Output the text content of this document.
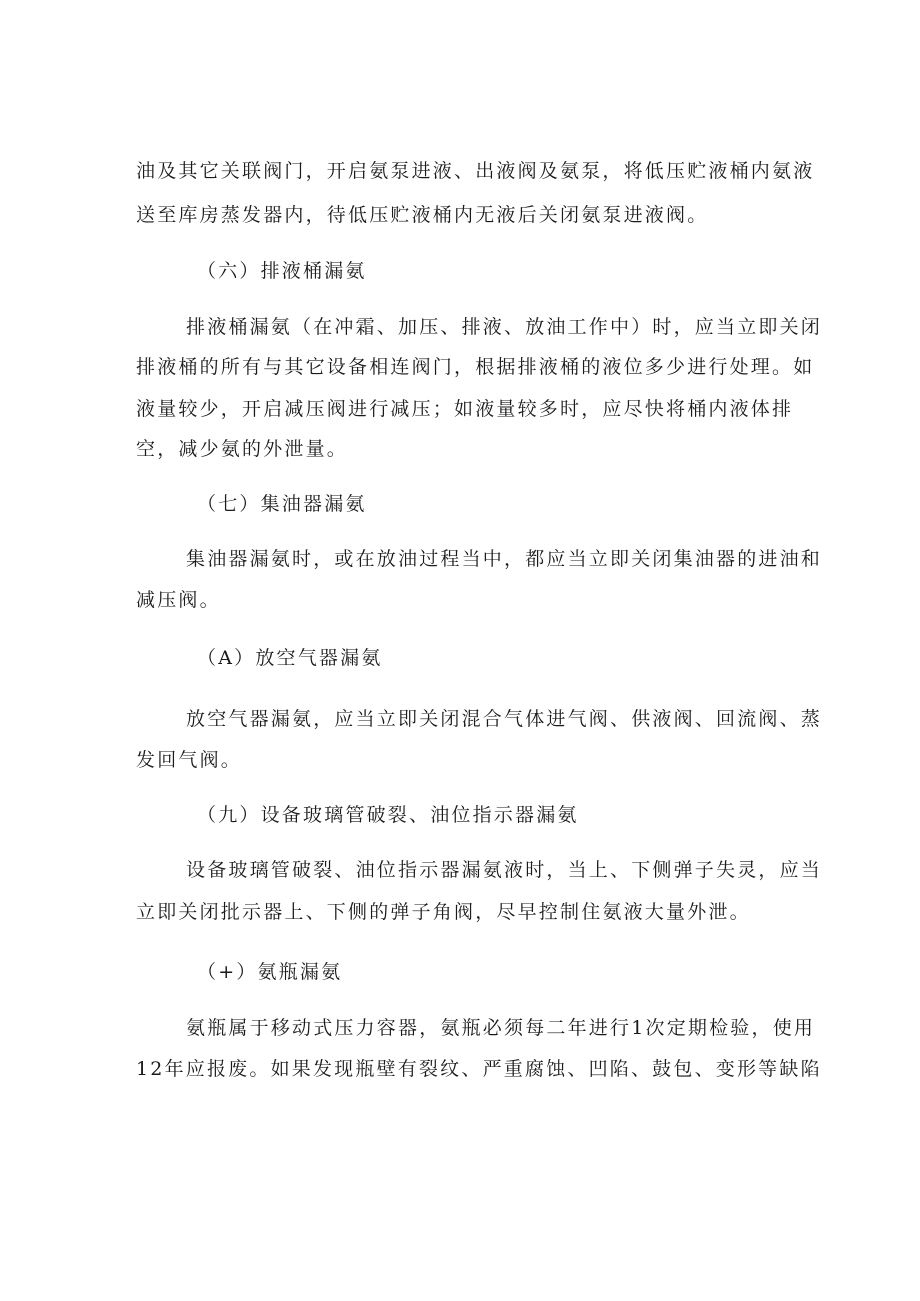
油及其它关联阀门，开启氨泵进液、出液阀及氨泵，将低压贮液桶内氨液
送至库房蒸发器内，待低压贮液桶内无液后关闭氨泵进液阀。
（六）排液桶漏氨
排液桶漏氨（在冲霜、加压、排液、放油工作中）时，应当立即关闭
排液桶的所有与其它设备相连阀门，根据排液桶的液位多少进行处理。如
液量较少，开启减压阀进行减压；如液量较多时，应尽快将桶内液体排
空，减少氨的外泄量。
（七）集油器漏氨
集油器漏氨时，或在放油过程当中，都应当立即关闭集油器的进油和
减压阀。
（A）放空气器漏氨
放空气器漏氨，应当立即关闭混合气体进气阀、供液阀、回流阀、蒸
发回气阀。
（九）设备玻璃管破裂、油位指示器漏氨
设备玻璃管破裂、油位指示器漏氨液时，当上、下侧弹子失灵，应当
立即关闭批示器上、下侧的弹子角阀，尽早控制住氨液大量外泄。
（+）氨瓶漏氨
氨瓶属于移动式压力容器，氨瓶必须每二年进行1次定期检验，使用
12年应报废。如果发现瓶壁有裂纹、严重腐蚀、凹陷、鼓包、变形等缺陷
